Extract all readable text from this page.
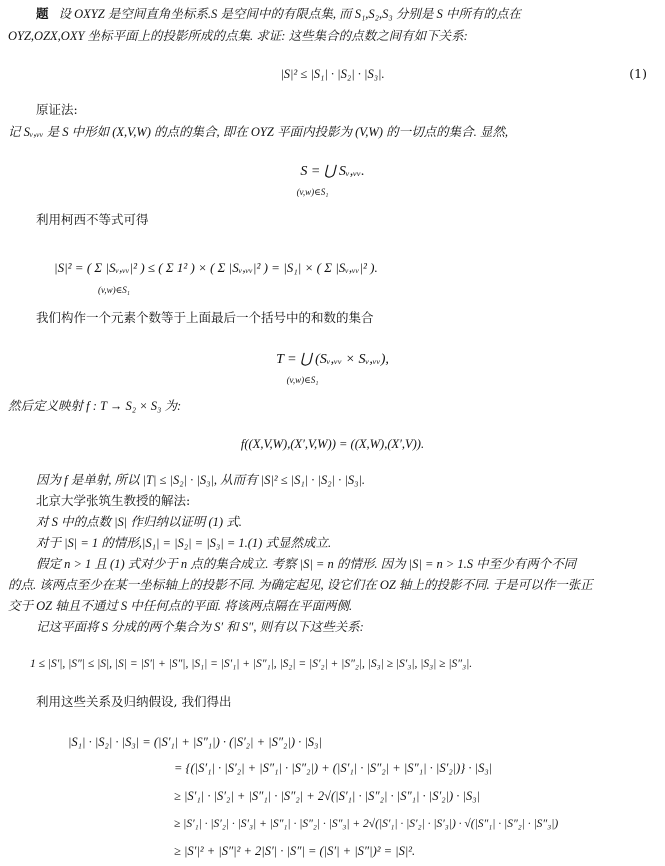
题 设 OXYZ 是空间直角坐标系.S 是空间中的有限点集, 而 S₁,S₂,S₃ 分别是 S 中所有的点在
OYZ,OZX,OXY 坐标平面上的投影所成的点集. 求证: 这些集合的点数之间有如下关系:
|S|² ≤ |S₁| · |S₂| · |S₃|.	(1)
原证法:
记 Sᵥ,ᵥᵥ 是 S 中形如 (X,V,W) 的点的集合, 即在 OYZ 平面内投影为 (V,W) 的一切点的集合. 显然,
S = ⋃ Sᵥ,ᵥᵥ.
(v,w)∈S₁
利用柯西不等式可得
|S|² = ( Σ |Sᵥ,ᵥᵥ|² ) ≤ ( Σ 1² ) × ( Σ |Sᵥ,ᵥᵥ|² ) = |S₁| × ( Σ |Sᵥ,ᵥᵥ|² ).
(v,w)∈S₁
我们构作一个元素个数等于上面最后一个括号中的和数的集合
T = ⋃ (Sᵥ,ᵥᵥ × Sᵥ,ᵥᵥ),
(v,w)∈S₁
然后定义映射 f : T → S₂ × S₃ 为:
f((X,V,W),(X′,V,W)) = ((X,W),(X′,V)).
因为 f 是单射, 所以 |T| ≤ |S₂| · |S₃|, 从而有 |S|² ≤ |S₁| · |S₂| · |S₃|.
北京大学张筑生教授的解法:
对 S 中的点数 |S| 作归纳以证明 (1) 式.
对于 |S| = 1 的情形,|S₁| = |S₂| = |S₃| = 1.(1) 式显然成立.
假定 n > 1 且 (1) 式对少于 n 点的集合成立. 考察 |S| = n 的情形. 因为 |S| = n > 1.S 中至少有两个不同
的点. 该两点至少在某一坐标轴上的投影不同. 为确定起见, 设它们在 OZ 轴上的投影不同. 于是可以作一张正
交于 OZ 轴且不通过 S 中任何点的平面. 将该两点隔在平面两侧.
记这平面将 S 分成的两个集合为 S′ 和 S″, 则有以下这些关系:
1 ≤ |S′|, |S″| ≤ |S|, |S| = |S′| + |S″|, |S₁| = |S′₁| + |S″₁|, |S₂| = |S′₂| + |S″₂|, |S₃| ≥ |S′₃|, |S₃| ≥ |S″₃|.
利用这些关系及归纳假设, 我们得出
|S₁| · |S₂| · |S₃| = (|S′₁| + |S″₁|) · (|S′₂| + |S″₂|) · |S₃|
= {(|S′₁| · |S′₂| + |S″₁| · |S″₂|) + (|S′₁| · |S″₂| + |S″₁| · |S′₂|)} · |S₃|
≥ |S′₁| · |S′₂| + |S″₁| · |S″₂| + 2√(|S′₁| · |S″₂| · |S″₁| · |S′₂|) · |S₃|
≥ |S′₁| · |S′₂| · |S′₃| + |S″₁| · |S″₂| · |S″₃| + 2√(|S′₁| · |S′₂| · |S′₃|) · √(|S″₁| · |S″₂| · |S″₃|)
≥ |S′|² + |S″|² + 2|S′| · |S″| = (|S′| + |S″|)² = |S|².
